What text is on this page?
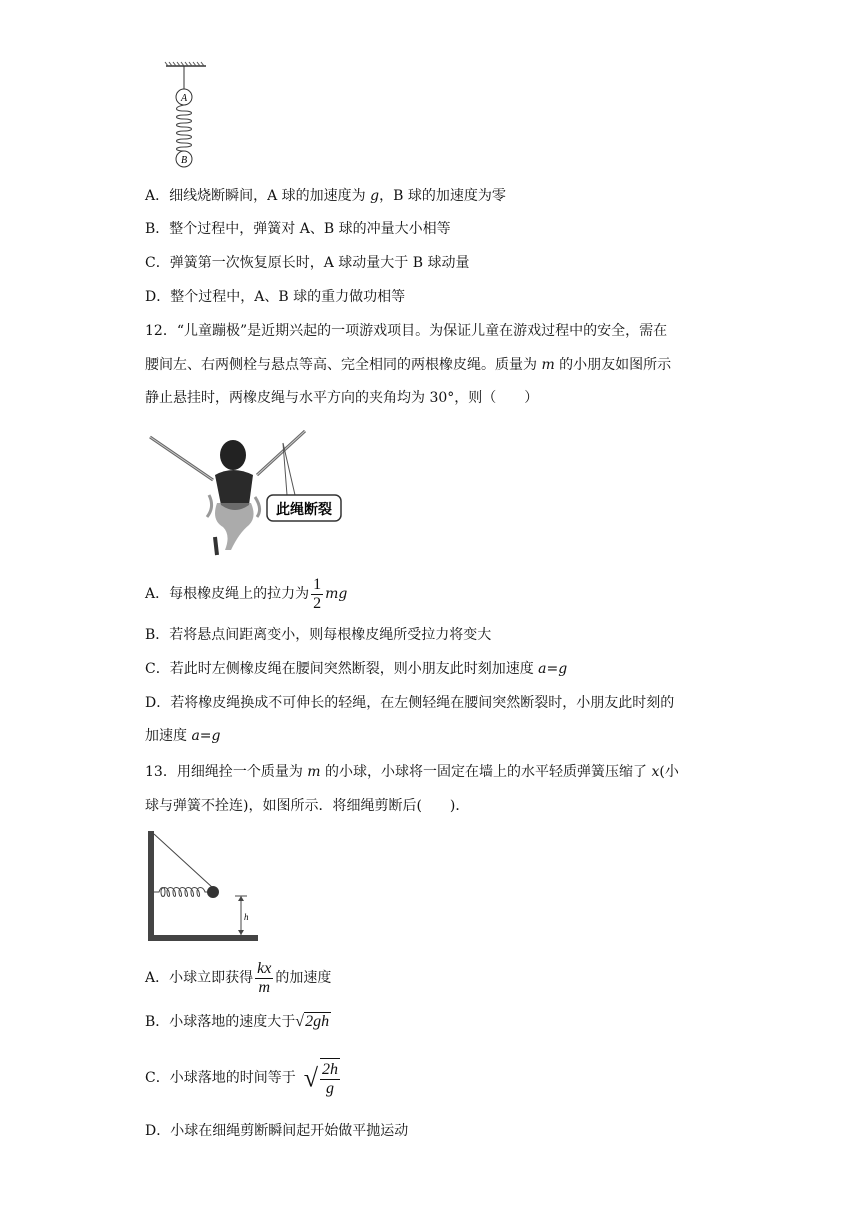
A
B
A．细线烧断瞬间，A 球的加速度为 g，B 球的加速度为零
B．整个过程中，弹簧对 A、B 球的冲量大小相等
C．弹簧第一次恢复原长时，A 球动量大于 B 球动量
D．整个过程中，A、B 球的重力做功相等
12．“儿童蹦极”是近期兴起的一项游戏项目。为保证儿童在游戏过程中的安全，需在
腰间左、右两侧栓与悬点等高、完全相同的两根橡皮绳。质量为 m 的小朋友如图所示
静止悬挂时，两橡皮绳与水平方向的夹角均为 30°，则（　　）
此绳断裂
A．每根橡皮绳上的拉力为 $\frac{1}{2}$ mg
B．若将悬点间距离变小，则每根橡皮绳所受拉力将变大
C．若此时左侧橡皮绳在腰间突然断裂，则小朋友此时刻加速度 a=g
D．若将橡皮绳换成不可伸长的轻绳，在左侧轻绳在腰间突然断裂时，小朋友此时刻的
加速度 a=g
13．用细绳拴一个质量为 m 的小球，小球将一固定在墙上的水平轻质弹簧压缩了 x(小
球与弹簧不拴连)，如图所示．将细绳剪断后(　　)．
h
A．小球立即获得 $\frac{kx}{m}$ 的加速度
B．小球落地的速度大于√2gh
C．小球落地的时间等于 √ $\frac{2h}{g}$
D．小球在细绳剪断瞬间起开始做平抛运动
